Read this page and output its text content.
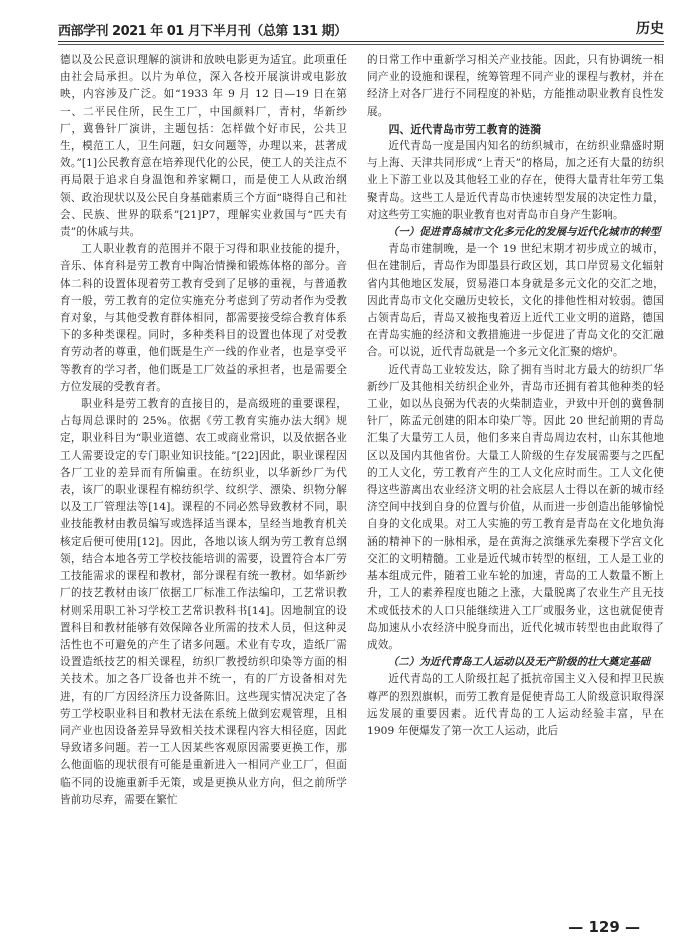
西部学刊 2021 年 01 月下半月刊（总第 131 期）	历史

德以及公民意识理解的演讲和放映电影更为适宜。此项重任由社会局承担。以片为单位，深入各校开展演讲或电影放映，内容涉及广泛。如“1933 年 9 月 12 日—19 日在第一、二平民住所，民生工厂，中国颜料厂，青村，华新纱厂，冀鲁针厂演讲，主题包括：怎样做个好市民，公共卫生，模范工人，卫生问题，妇女问题等，办理以来，甚著成效。”[1]公民教育意在培养现代化的公民，使工人的关注点不再局限于追求自身温饱和养家糊口，而是使工人从政治纲领、政治现状以及公民自身基础素质三个方面“晓得自己和社会、民族、世界的联系”[21]P7，理解实业救国与“匹夫有责”的休戚与共。

工人职业教育的范围并不限于习得和职业技能的提升，音乐、体育科是劳工教育中陶冶情操和锻炼体格的部分。音体二科的设置体现着劳工教育受到了足够的重视，与普通教育一般，劳工教育的定位实施充分考虑到了劳动者作为受教育对象，与其他受教育群体相同，都需要接受综合教育体系下的多种类课程。同时，多种类科目的设置也体现了对受教育劳动者的尊重，他们既是生产一线的作业者，也是享受平等教育的学习者，他们既是工厂效益的承担者，也是需要全方位发展的受教育者。

职业科是劳工教育的直接目的，是高级班的重要课程，占每周总课时的 25%。依据《劳工教育实施办法大纲》规定，职业科目为“职业道德、农工或商业常识，以及依据各业工人需要设定的专门职业知识技能。”[22]因此，职业课程因各厂工业的差异而有所偏重。在纺织业，以华新纱厂为代表，该厂的职业课程有棉纺织学、纹织学、漂染、织物分解以及工厂管理法等[14]。课程的不同必然导致教材不同，职业技能教材由教员编写或选择适当课本，呈经当地教育机关核定后便可使用[12]。因此，各地以该人纲为劳工教育总纲领，结合本地各劳工学校技能培训的需要，设置符合本厂劳工技能需求的课程和教材，部分课程有统一教材。如华新纱厂的技艺教材由该厂依据工厂标准工作法编印，工艺常识教材则采用职工补习学校工艺常识教科书[14]。因地制宜的设置科目和教材能够有效保障各业所需的技术人员，但这种灵活性也不可避免的产生了诸多问题。术业有专攻，造纸厂需设置造纸技艺的相关课程，纺织厂教授纺织印染等方面的相关技术。加之各厂设备也并不统一，有的厂方设备相对先进，有的厂方因经济压力设备陈旧。这些现实情况决定了各劳工学校职业科目和教材无法在系统上做到宏观管理，且相同产业也因设备差异导致相关技术课程内容大相径庭，因此导致诸多问题。若一工人因某些客观原因需要更换工作，那么他面临的现状很有可能是重新进入一相同产业工厂，但面临不同的设施重新手无策，或是更换从业方向，但之前所学皆前功尽弃，需要在繁忙

的日常工作中重新学习相关产业技能。因此，只有协调统一相同产业的设施和课程，统筹管理不同产业的课程与教材，并在经济上对各厂进行不同程度的补贴，方能推动职业教育良性发展。

四、近代青岛市劳工教育的涟漪

近代青岛一度是国内知名的纺织城市，在纺织业鼎盛时期与上海、天津共同形成“上青天”的格局，加之还有大量的纺织业上下游工业以及其他轻工业的存在，使得大量青壮年劳工集聚青岛。这些工人是近代青岛市快速转型发展的决定性力量，对这些劳工实施的职业教育也对青岛市自身产生影响。

（一）促进青岛城市文化多元化的发展与近代化城市的转型

青岛市建制晚，是一个 19 世纪末期才初步成立的城市，但在建制后，青岛作为即墨县行政区划，其口岸贸易文化辐射省内其他地区发展，贸易港口本身就是多元文化的交汇之地，因此青岛市文化交融历史较长，文化的排他性相对较弱。德国占领青岛后，青岛又被拖曳着迈上近代工业文明的道路，德国在青岛实施的经济和文教措施进一步促进了青岛文化的交汇融合。可以说，近代青岛就是一个多元文化汇聚的熔炉。

近代青岛工业较发达，除了拥有当时北方最大的纺织厂华新纱厂及其他相关纺织企业外，青岛市还拥有着其他种类的轻工业，如以丛良弼为代表的火柴制造业，尹致中开创的冀鲁制针厂，陈孟元创建的阳本印染厂等。因此 20 世纪前期的青岛汇集了大量劳工人员，他们多来自青岛周边农村，山东其他地区以及国内其他省份。大量工人阶级的生存发展需要与之匹配的工人文化，劳工教育产生的工人文化应时而生。工人文化使得这些游离出农业经济文明的社会底层人士得以在新的城市经济空间中找到自身的位置与价值，从而进一步创造出能够愉悦自身的文化成果。对工人实施的劳工教育是青岛在文化地负海涵的精神下的一脉相承，是在黄海之滨继承先秦稷下学宫文化交汇的文明精髓。工业是近代城市转型的枢纽，工人是工业的基本组成元件，随着工业车轮的加速，青岛的工人数量不断上升，工人的素养程度也随之上涨，大量脱离了农业生产且无技术或低技术的人口只能继续进入工厂或服务业，这也就促使青岛加速从小农经济中脱身而出，近代化城市转型也由此取得了成效。

（二）为近代青岛工人运动以及无产阶级的壮大奠定基础

近代青岛的工人阶级扛起了抵抗帝国主义入侵和捍卫民族尊严的烈烈旗帜，而劳工教育是促使青岛工人阶级意识取得深远发展的重要因素。近代青岛的工人运动经验丰富，早在 1909 年便爆发了第一次工人运动，此后

— 129 —
